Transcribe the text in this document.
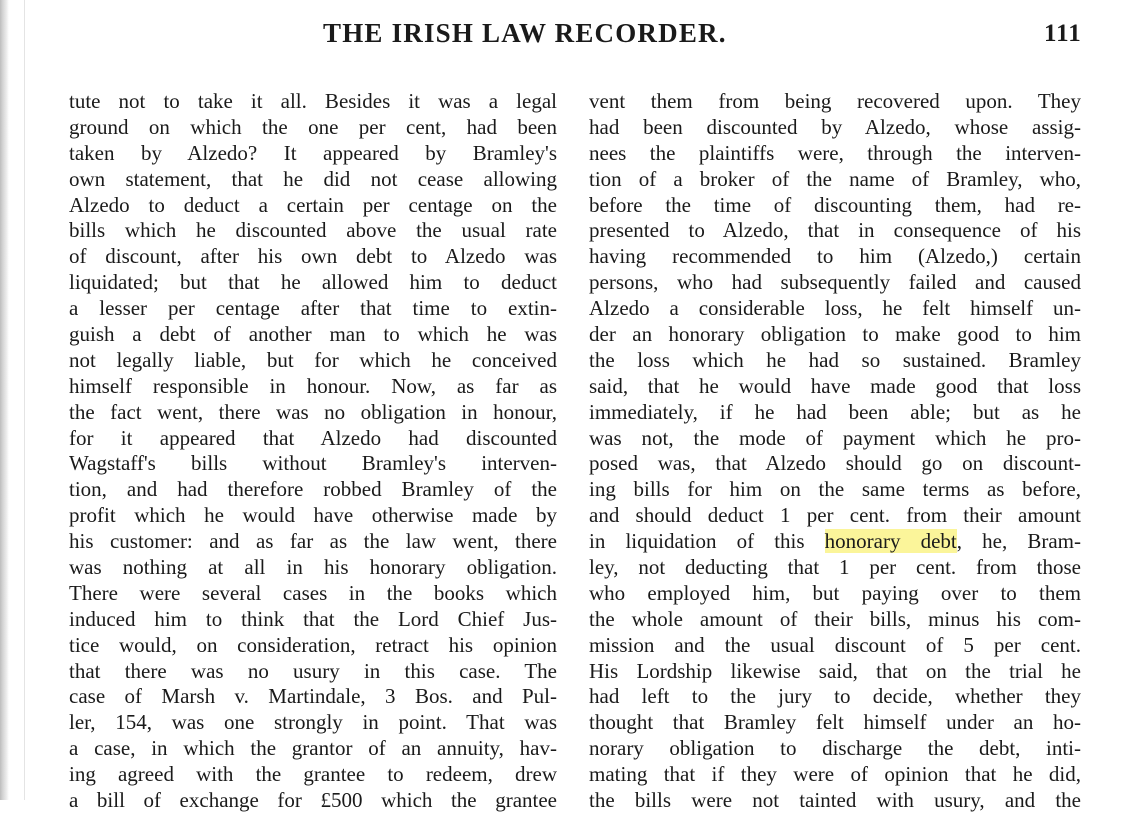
THE IRISH LAW RECORDER.	111
tute not to take it all. Besides it was a legal
ground on which the one per cent, had been
taken by Alzedo? It appeared by Bramley's
own statement, that he did not cease allowing
Alzedo to deduct a certain per centage on the
bills which he discounted above the usual rate
of discount, after his own debt to Alzedo was
liquidated; but that he allowed him to deduct
a lesser per centage after that time to extin-
guish a debt of another man to which he was
not legally liable, but for which he conceived
himself responsible in honour. Now, as far as
the fact went, there was no obligation in honour,
for it appeared that Alzedo had discounted
Wagstaff's bills without Bramley's interven-
tion, and had therefore robbed Bramley of the
profit which he would have otherwise made by
his customer: and as far as the law went, there
was nothing at all in his honorary obligation.
There were several cases in the books which
induced him to think that the Lord Chief Jus-
tice would, on consideration, retract his opinion
that there was no usury in this case. The
case of Marsh v. Martindale, 3 Bos. and Pul-
ler, 154, was one strongly in point. That was
a case, in which the grantor of an annuity, hav-
ing agreed with the grantee to redeem, drew
a bill of exchange for £500 which the grantee
vent them from being recovered upon. They
had been discounted by Alzedo, whose assig-
nees the plaintiffs were, through the interven-
tion of a broker of the name of Bramley, who,
before the time of discounting them, had re-
presented to Alzedo, that in consequence of his
having recommended to him (Alzedo,) certain
persons, who had subsequently failed and caused
Alzedo a considerable loss, he felt himself un-
der an honorary obligation to make good to him
the loss which he had so sustained. Bramley
said, that he would have made good that loss
immediately, if he had been able; but as he
was not, the mode of payment which he pro-
posed was, that Alzedo should go on discount-
ing bills for him on the same terms as before,
and should deduct 1 per cent. from their amount
in liquidation of this honorary debt, he, Bram-
ley, not deducting that 1 per cent. from those
who employed him, but paying over to them
the whole amount of their bills, minus his com-
mission and the usual discount of 5 per cent.
His Lordship likewise said, that on the trial he
had left to the jury to decide, whether they
thought that Bramley felt himself under an ho-
norary obligation to discharge the debt, inti-
mating that if they were of opinion that he did,
the bills were not tainted with usury, and the
